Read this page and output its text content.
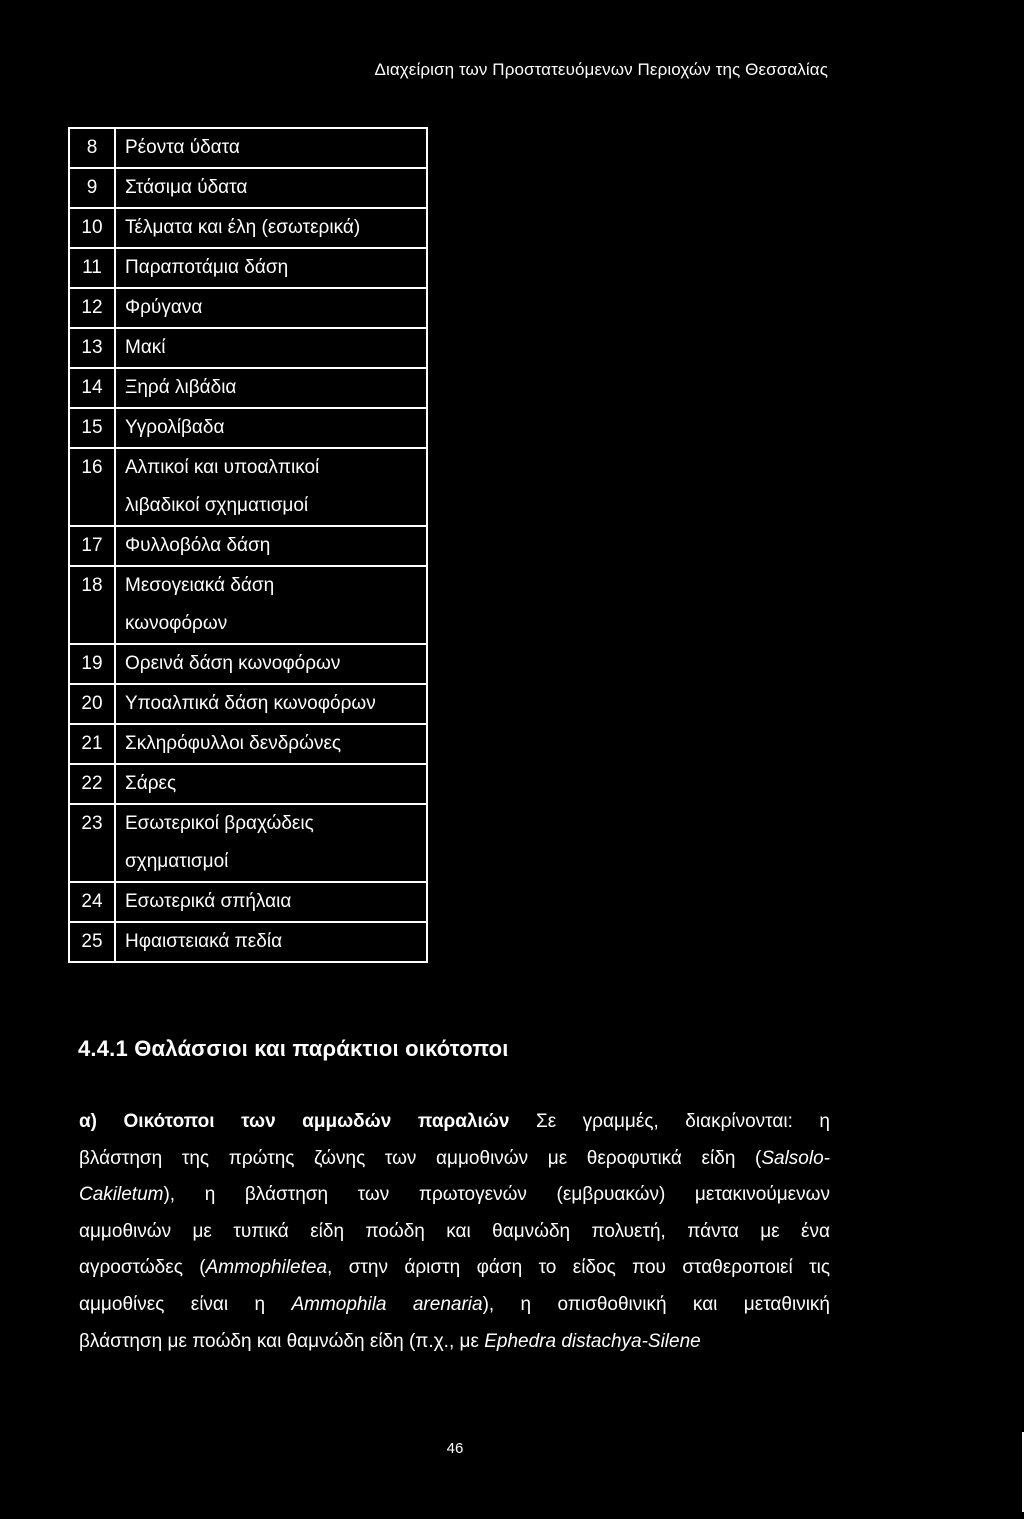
Διαχείριση των Προστατευόμενων Περιοχών της Θεσσαλίας
8	Ρέοντα ύδατα

9	Στάσιμα ύδατα

10	Τέλματα και έλη (εσωτερικά)

11	Παραποτάμια δάση

12	Φρύγανα

13	Μακί

14	Ξηρά λιβάδια

15	Υγρολίβαδα

16	Αλπικοί και υποαλπικοί
λιβαδικοί σχηματισμοί

17	Φυλλοβόλα δάση

18	Μεσογειακά δάση
κωνοφόρων

19	Ορεινά δάση κωνοφόρων

20	Υποαλπικά δάση κωνοφόρων

21	Σκληρόφυλλοι δενδρώνες

22	Σάρες

23	Εσωτερικοί βραχώδεις
σχηματισμοί

24	Εσωτερικά σπήλαια

25	Ηφαιστειακά πεδία
4.4.1 Θαλάσσιοι και παράκτιοι οικότοποι
α) Οικότοποι των αμμωδών παραλιών Σε γραμμές, διακρίνονται: η
βλάστηση της πρώτης ζώνης των αμμοθινών με θεροφυτικά είδη (Salsolo-
Cakiletum), η βλάστηση των πρωτογενών (εμβρυακών) μετακινούμενων
αμμοθινών με τυπικά είδη ποώδη και θαμνώδη πολυετή, πάντα με ένα
αγροστώδες (Ammophiletea, στην άριστη φάση το είδος που σταθεροποιεί τις
αμμοθίνες είναι η Ammophila arenaria), η οπισθοθινική και μεταθινική
βλάστηση με ποώδη και θαμνώδη είδη (π.χ., με Ephedra distachya-Silene
46
